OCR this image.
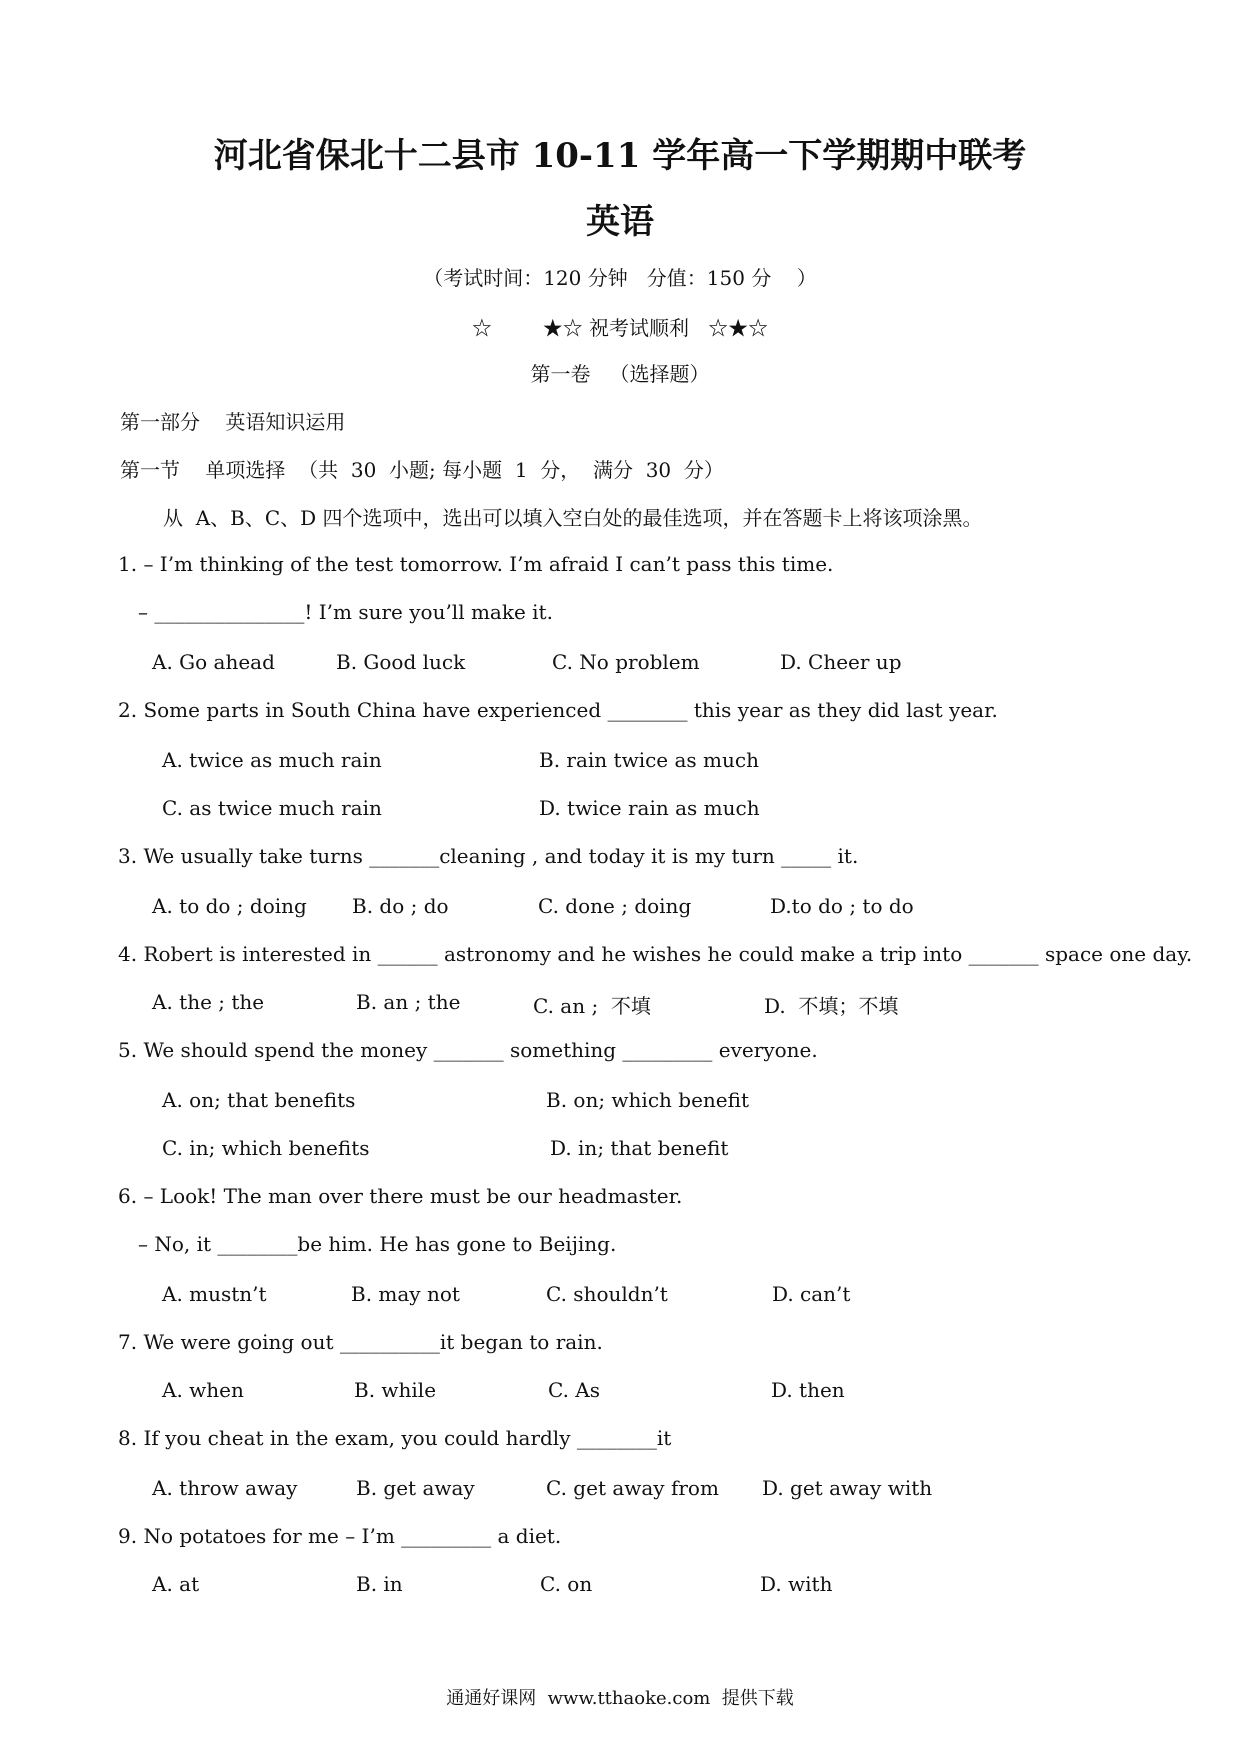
河北省保北十二县市 10-11 学年高一下学期期中联考
英语
（考试时间：120 分钟   分值：150 分    ）
☆        ★☆ 祝考试顺利   ☆★☆
第一卷   （选择题）
第一部分    英语知识运用
第一节    单项选择  （共  30  小题; 每小题  1  分，  满分  30  分）
从  A、B、C、D 四个选项中，选出可以填入空白处的最佳选项，并在答题卡上将该项涂黑。
1. – I’m thinking of the test tomorrow. I’m afraid I can’t pass this time.
– _______________! I’m sure you’ll make it.
A. Go ahead	B. Good luck	C. No problem	D. Cheer up
2. Some parts in South China have experienced ________ this year as they did last year.
A. twice as much rain	B. rain twice as much
C. as twice much rain	D. twice rain as much
3. We usually take turns _______cleaning , and today it is my turn _____ it.
A. to do ; doing B. do ; do	C. done ; doing	D.to do ; to do
4. Robert is interested in ______ astronomy and he wishes he could make a trip into _______ space one day.
A. the ; the	B. an ; the	C. an ;  不填	D.  不填；不填
5. We should spend the money _______ something _________ everyone.
A. on; that benefits	B. on; which benefit
C. in; which benefits	D. in; that benefit
6. – Look! The man over there must be our headmaster.
– No, it ________be him. He has gone to Beijing.
A. mustn’t	B. may not	C. shouldn’t	D. can’t
7. We were going out __________it began to rain.
A. when	B. while	C. As	D. then
8. If you cheat in the exam, you could hardly ________it
A. throw away	B. get away	C. get away from D. get away with
9. No potatoes for me – I’m _________ a diet.
A. at	B. in	C. on	D. with
通通好课网  www.tthaoke.com  提供下载
